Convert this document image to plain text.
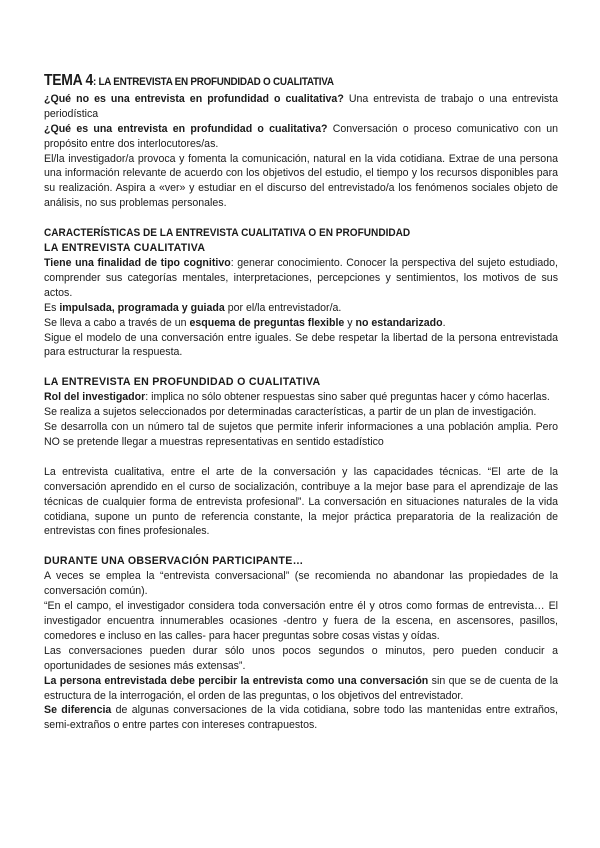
TEMA 4: LA ENTREVISTA EN PROFUNDIDAD O CUALITATIVA

¿Qué no es una entrevista en profundidad o cualitativa? Una entrevista de trabajo o una entrevista periodística

¿Qué es una entrevista en profundidad o cualitativa? Conversación o proceso comunicativo con un propósito entre dos interlocutores/as.

El/la investigador/a provoca y fomenta la comunicación, natural en la vida cotidiana. Extrae de una persona una información relevante de acuerdo con los objetivos del estudio, el tiempo y los recursos disponibles para su realización. Aspira a «ver» y estudiar en el discurso del entrevistado/a los fenómenos sociales objeto de análisis, no sus problemas personales.

CARACTERÍSTICAS DE LA ENTREVISTA CUALITATIVA O EN PROFUNDIDAD
LA ENTREVISTA CUALITATIVA

Tiene una finalidad de tipo cognitivo: generar conocimiento. Conocer la perspectiva del sujeto estudiado, comprender sus categorías mentales, interpretaciones, percepciones y sentimientos, los motivos de sus actos.

Es impulsada, programada y guiada por el/la entrevistador/a.

Se lleva a cabo a través de un esquema de preguntas flexible y no estandarizado.

Sigue el modelo de una conversación entre iguales. Se debe respetar la libertad de la persona entrevistada para estructurar la respuesta.

LA ENTREVISTA EN PROFUNDIDAD O CUALITATIVA

Rol del investigador: implica no sólo obtener respuestas sino saber qué preguntas hacer y cómo hacerlas.

Se realiza a sujetos seleccionados por determinadas características, a partir de un plan de investigación.

Se desarrolla con un número tal de sujetos que permite inferir informaciones a una población amplia. Pero NO se pretende llegar a muestras representativas en sentido estadístico

La entrevista cualitativa, entre el arte de la conversación y las capacidades técnicas. “El arte de la conversación aprendido en el curso de socialización, contribuye a la mejor base para el aprendizaje de las técnicas de cualquier forma de entrevista profesional”. La conversación en situaciones naturales de la vida cotidiana, supone un punto de referencia constante, la mejor práctica preparatoria de la realización de entrevistas con fines profesionales.

DURANTE UNA OBSERVACIÓN PARTICIPANTE…

A veces se emplea la “entrevista conversacional” (se recomienda no abandonar las propiedades de la conversación común).

“En el campo, el investigador considera toda conversación entre él y otros como formas de entrevista… El investigador encuentra innumerables ocasiones -dentro y fuera de la escena, en ascensores, pasillos, comedores e incluso en las calles- para hacer preguntas sobre cosas vistas y oídas.

Las conversaciones pueden durar sólo unos pocos segundos o minutos, pero pueden conducir a oportunidades de sesiones más extensas”.

La persona entrevistada debe percibir la entrevista como una conversación sin que se de cuenta de la estructura de la interrogación, el orden de las preguntas, o los objetivos del entrevistador.

Se diferencia de algunas conversaciones de la vida cotidiana, sobre todo las mantenidas entre extraños, semi-extraños o entre partes con intereses contrapuestos.
